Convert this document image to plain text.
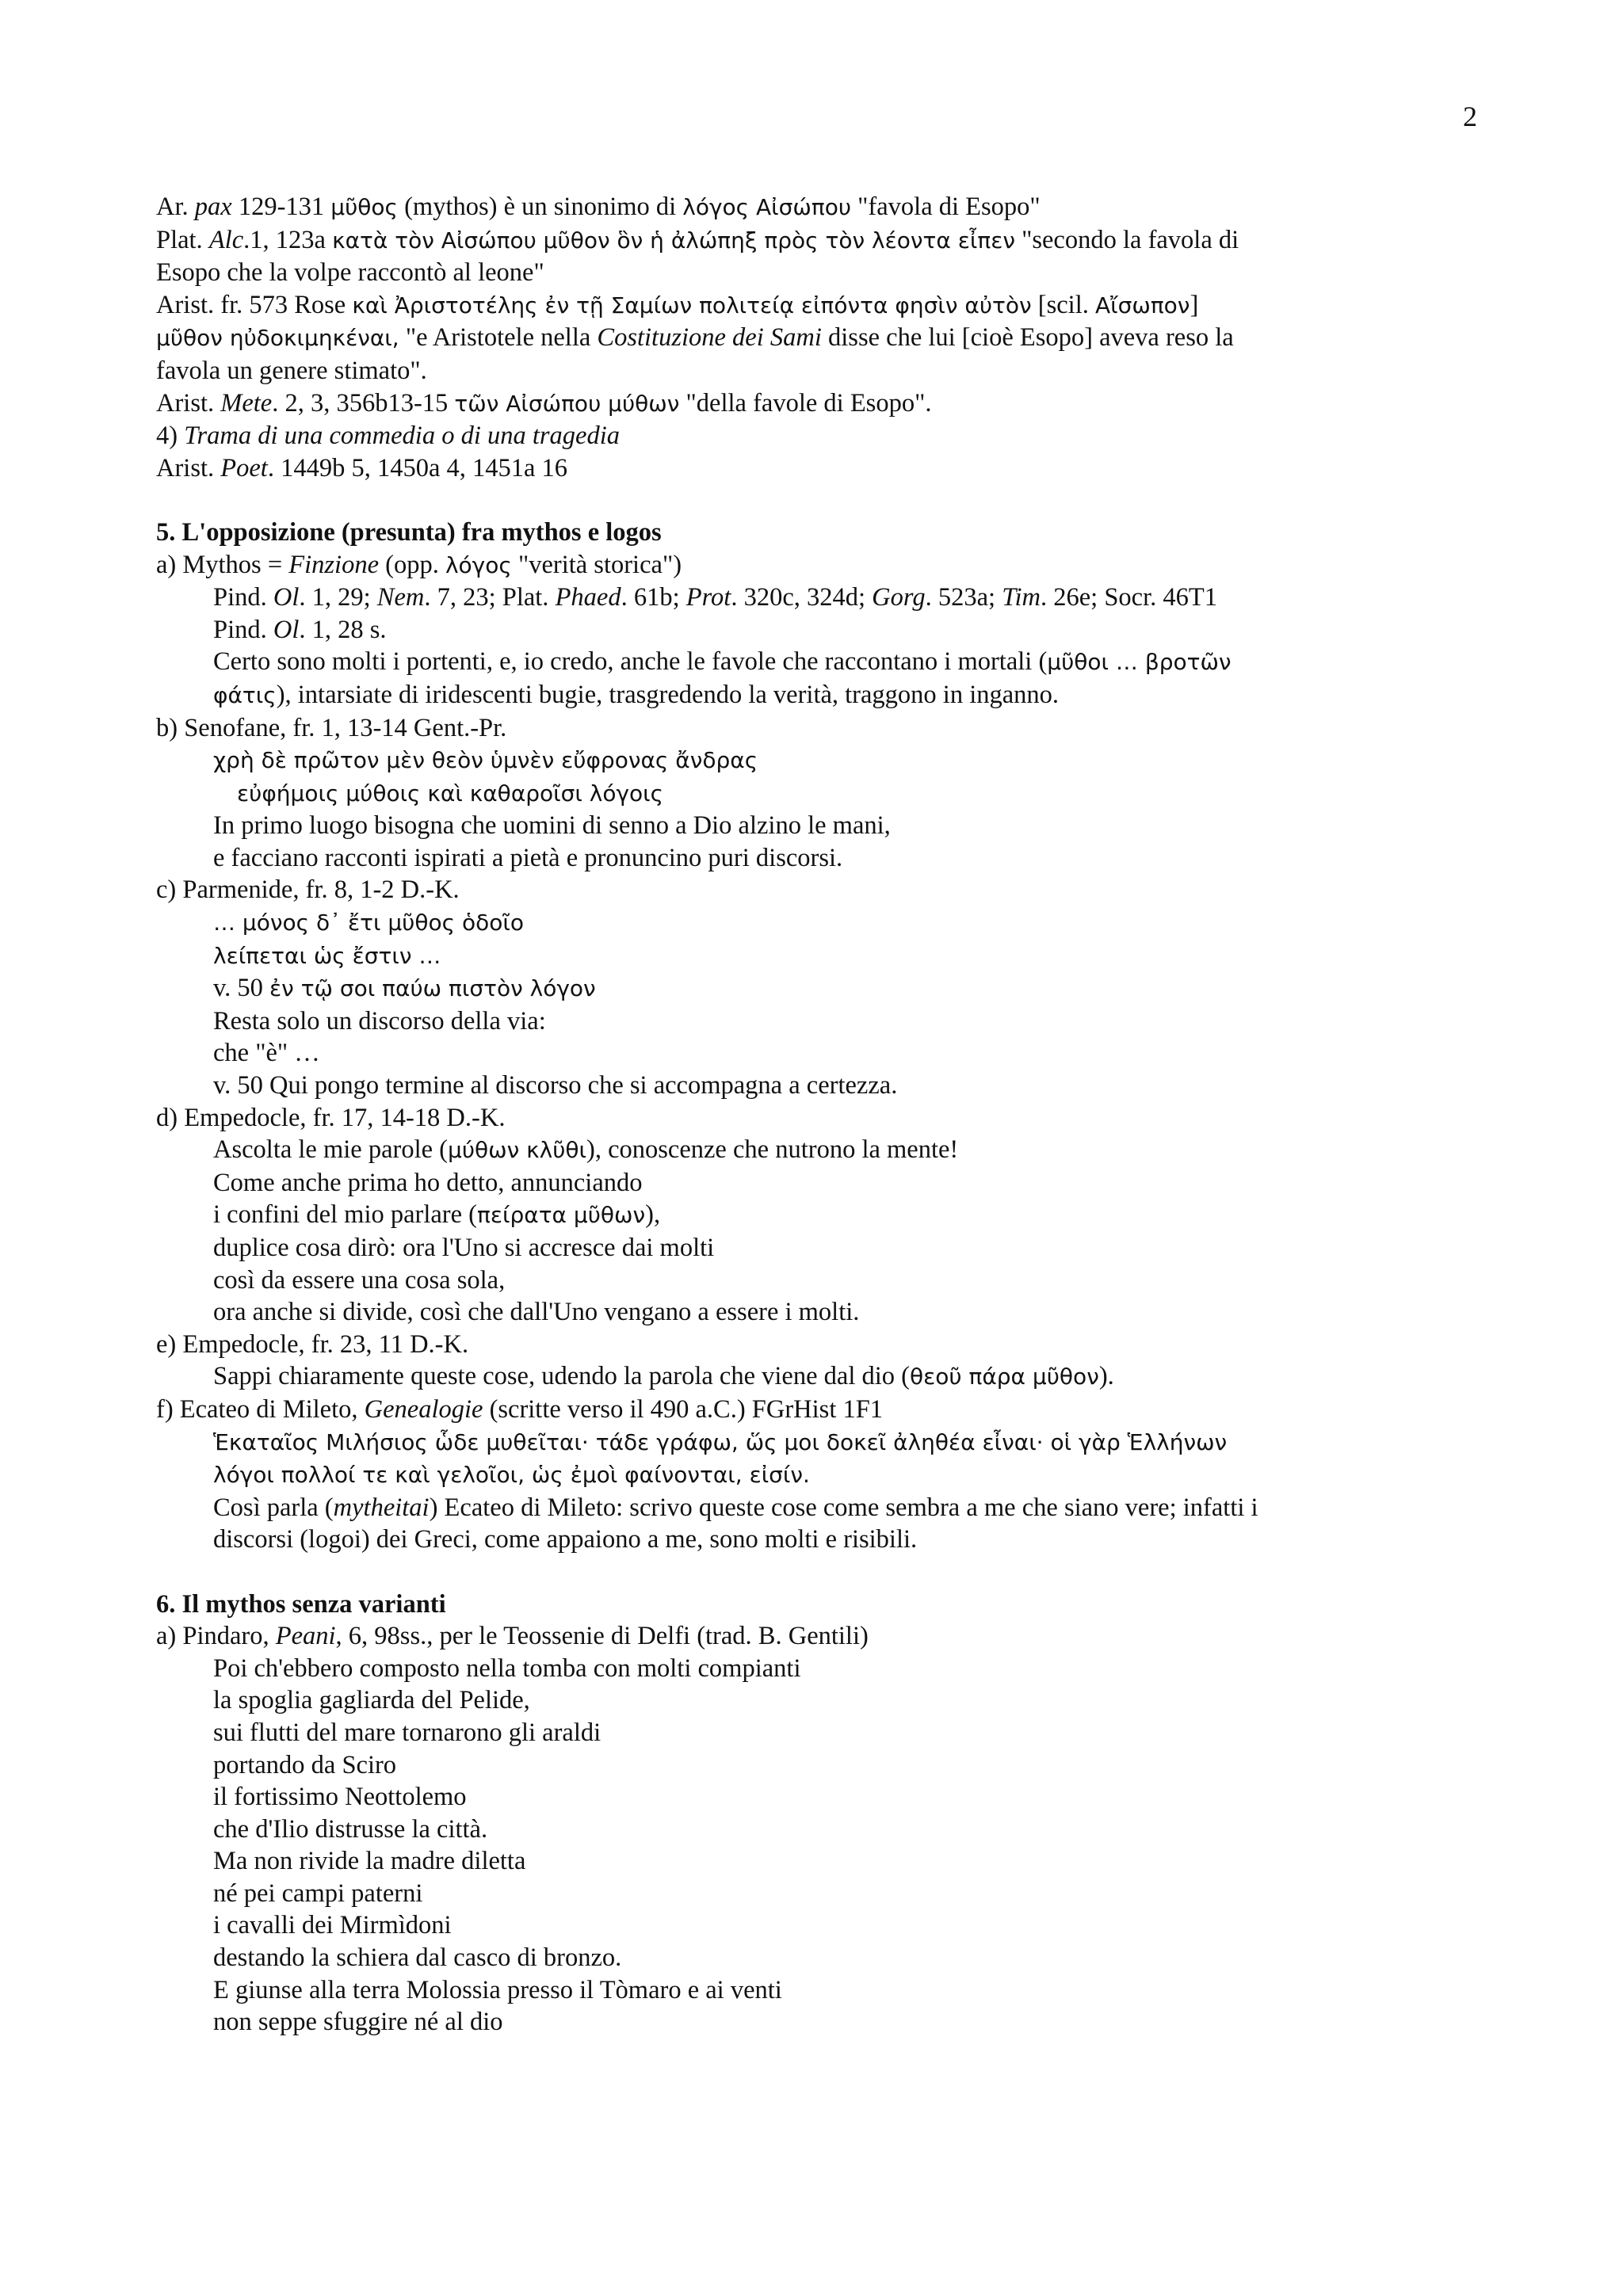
2
Ar. pax 129-131 μῦθος (mythos) è un sinonimo di λόγος Αἰσώπου "favola di Esopo"
Plat. Alc.1, 123a κατὰ τὸν Αἰσώπου μῦθον ὃν ἡ ἀλώπηξ πρὸς τὸν λέοντα εἶπεν "secondo la favola di
Esopo che la volpe raccontò al leone"
Arist. fr. 573 Rose καὶ Ἀριστοτέλης ἐν τῇ Σαμίων πολιτείᾳ εἰπόντα φησὶν αὐτὸν [scil. Αἴσωπον]
μῦθον ηὐδοκιμηκέναι, "e Aristotele nella Costituzione dei Sami disse che lui [cioè Esopo] aveva reso la
favola un genere stimato".
Arist. Mete. 2, 3, 356b13-15 τῶν Αἰσώπου μύθων "della favole di Esopo".
4) Trama di una commedia o di una tragedia
Arist. Poet. 1449b 5, 1450a 4, 1451a 16
5. L'opposizione (presunta) fra mythos e logos
a) Mythos = Finzione (opp. λόγος "verità storica")
Pind. Ol. 1, 29; Nem. 7, 23; Plat. Phaed. 61b; Prot. 320c, 324d; Gorg. 523a; Tim. 26e; Socr. 46T1
Pind. Ol. 1, 28 s.
Certo sono molti i portenti, e, io credo, anche le favole che raccontano i mortali (μῦθοι … βροτῶν
φάτις), intarsiate di iridescenti bugie, trasgredendo la verità, traggono in inganno.
b) Senofane, fr. 1, 13-14 Gent.-Pr.
χρὴ δὲ πρῶτον μὲν θεὸν ὑμνὲν εὔφρονας ἄνδρας
εὐφήμοις μύθοις καὶ καθαροῖσι λόγοις
In primo luogo bisogna che uomini di senno a Dio alzino le mani,
e facciano racconti ispirati a pietà e pronuncino puri discorsi.
c) Parmenide, fr. 8, 1-2 D.-K.
… μόνος δ᾽ ἔτι μῦθος ὁδοῖο
λείπεται ὡς ἔστιν …
v. 50 ἐν τῷ σοι παύω πιστὸν λόγον
Resta solo un discorso della via:
che "è" …
v. 50 Qui pongo termine al discorso che si accompagna a certezza.
d) Empedocle, fr. 17, 14-18 D.-K.
Ascolta le mie parole (μύθων κλῦθι), conoscenze che nutrono la mente!
Come anche prima ho detto, annunciando
i confini del mio parlare (πείρατα μῦθων),
duplice cosa dirò: ora l'Uno si accresce dai molti
così da essere una cosa sola,
ora anche si divide, così che dall'Uno vengano a essere i molti.
e) Empedocle, fr. 23, 11 D.-K.
Sappi chiaramente queste cose, udendo la parola che viene dal dio (θεοῦ πάρα μῦθον).
f) Ecateo di Mileto, Genealogie (scritte verso il 490 a.C.) FGrHist 1F1
Ἑκαταῖος Μιλήσιος ὧδε μυθεῖται· τάδε γράφω, ὥς μοι δοκεῖ ἀληθέα εἶναι· οἱ γὰρ Ἑλλήνων
λόγοι πολλοί τε καὶ γελοῖοι, ὡς ἐμοὶ φαίνονται, εἰσίν.
Così parla (mytheitai) Ecateo di Mileto: scrivo queste cose come sembra a me che siano vere; infatti i
discorsi (logoi) dei Greci, come appaiono a me, sono molti e risibili.
6. Il mythos senza varianti
a) Pindaro, Peani, 6, 98ss., per le Teossenie di Delfi (trad. B. Gentili)
Poi ch'ebbero composto nella tomba con molti compianti
la spoglia gagliarda del Pelide,
sui flutti del mare tornarono gli araldi
portando da Sciro
il fortissimo Neottolemo
che d'Ilio distrusse la città.
Ma non rivide la madre diletta
né pei campi paterni
i cavalli dei Mirmìdoni
destando la schiera dal casco di bronzo.
E giunse alla terra Molossia presso il Tòmaro e ai venti
non seppe sfuggire né al dio
